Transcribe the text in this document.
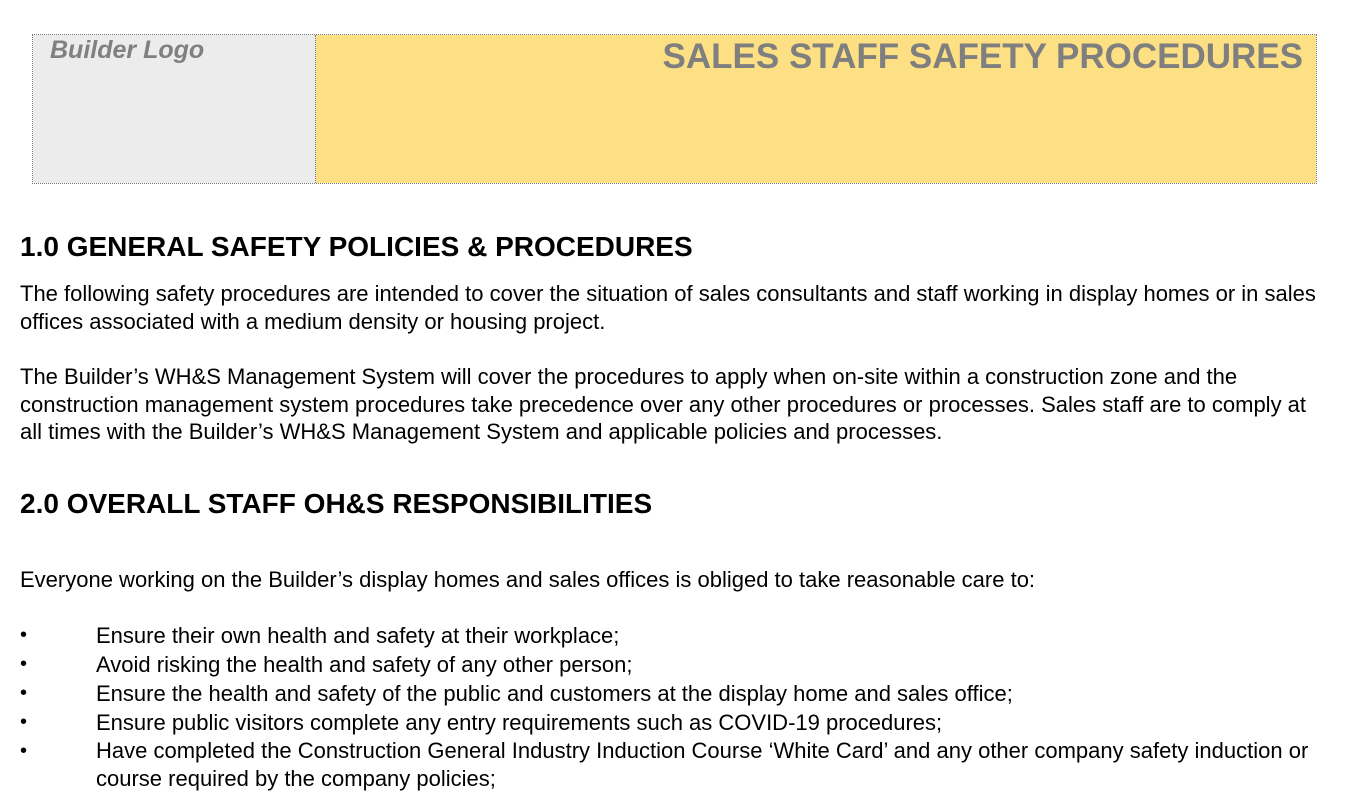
Builder Logo	SALES STAFF SAFETY PROCEDURES
1.0 GENERAL SAFETY POLICIES & PROCEDURES

The following safety procedures are intended to cover the situation of sales consultants and staff working in display homes or in sales offices associated with a medium density or housing project.

The Builder’s WH&S Management System will cover the procedures to apply when on-site within a construction zone and the construction management system procedures take precedence over any other procedures or processes. Sales staff are to comply at all times with the Builder’s WH&S Management System and applicable policies and processes.

2.0 OVERALL STAFF OH&S RESPONSIBILITIES

Everyone working on the Builder’s display homes and sales offices is obliged to take reasonable care to:

•	Ensure their own health and safety at their workplace;
•	Avoid risking the health and safety of any other person;
•	Ensure the health and safety of the public and customers at the display home and sales office;
•	Ensure public visitors complete any entry requirements such as COVID-19 procedures;
•	Have completed the Construction General Industry Induction Course ‘White Card’ and any other company safety induction or course required by the company policies;
